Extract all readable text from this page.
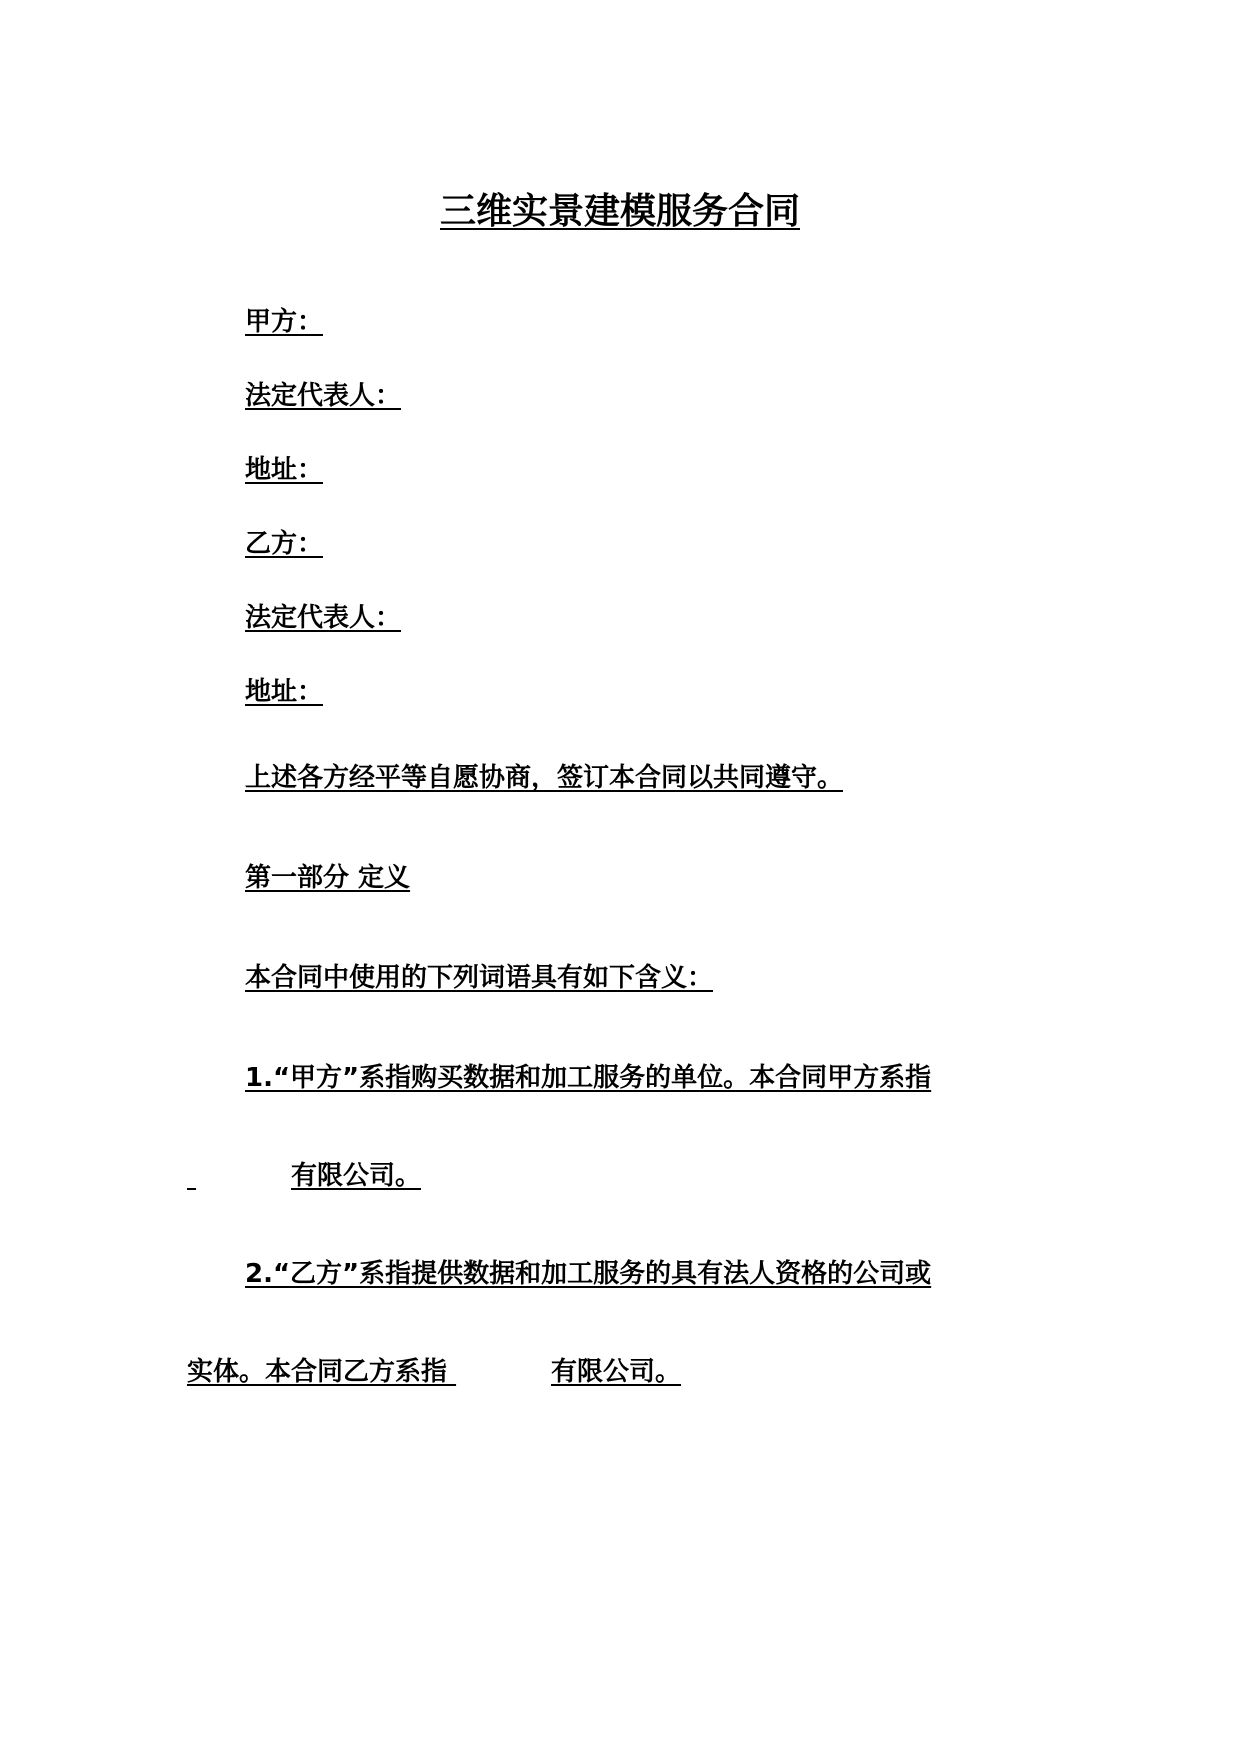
三维实景建模服务合同
甲方：
法定代表人：
地址：
乙方：
法定代表人：
地址：
上述各方经平等自愿协商，签订本合同以共同遵守。
第一部分 定义
本合同中使用的下列词语具有如下含义：
1.“甲方”系指购买数据和加工服务的单位。本合同甲方系指
有限公司。
2.“乙方”系指提供数据和加工服务的具有法人资格的公司或
实体。本合同乙方系指	有限公司。
